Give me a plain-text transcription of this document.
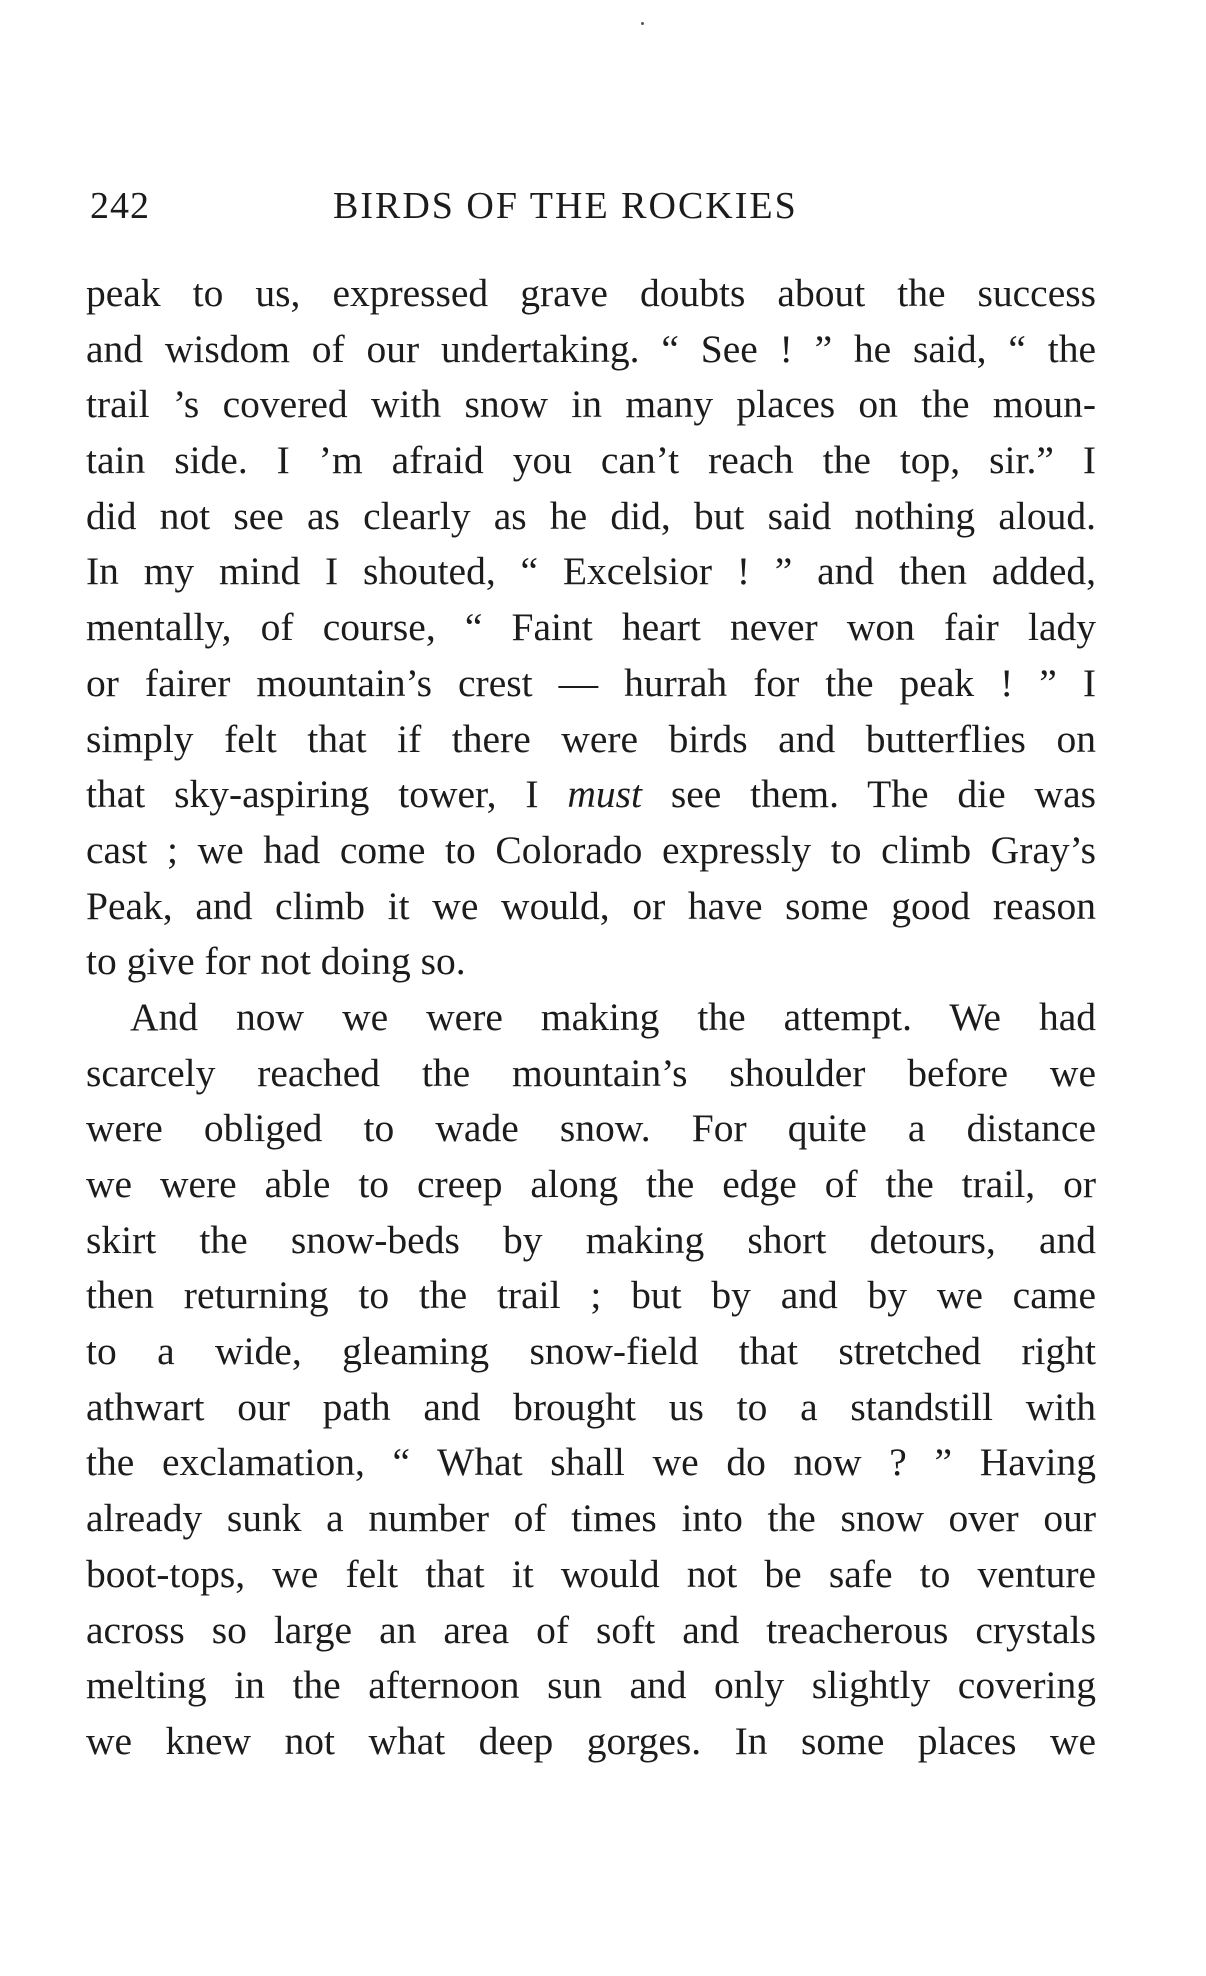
242	BIRDS OF THE ROCKIES
peak to us, expressed grave doubts about the success
and wisdom of our undertaking. “ See ! ” he said, “ the
trail ’s covered with snow in many places on the moun-
tain side. I ’m afraid you can’t reach the top, sir.” I
did not see as clearly as he did, but said nothing aloud.
In my mind I shouted, “ Excelsior ! ” and then added,
mentally, of course, “ Faint heart never won fair lady
or fairer mountain’s crest — hurrah for the peak ! ” I
simply felt that if there were birds and butterflies on
that sky-aspiring tower, I must see them. The die was
cast ; we had come to Colorado expressly to climb Gray’s
Peak, and climb it we would, or have some good reason
to give for not doing so.
And now we were making the attempt. We had
scarcely reached the mountain’s shoulder before we
were obliged to wade snow. For quite a distance
we were able to creep along the edge of the trail, or
skirt the snow-beds by making short detours, and
then returning to the trail ; but by and by we came
to a wide, gleaming snow-field that stretched right
athwart our path and brought us to a standstill with
the exclamation, “ What shall we do now ? ” Having
already sunk a number of times into the snow over our
boot-tops, we felt that it would not be safe to venture
across so large an area of soft and treacherous crystals
melting in the afternoon sun and only slightly covering
we knew not what deep gorges. In some places we
